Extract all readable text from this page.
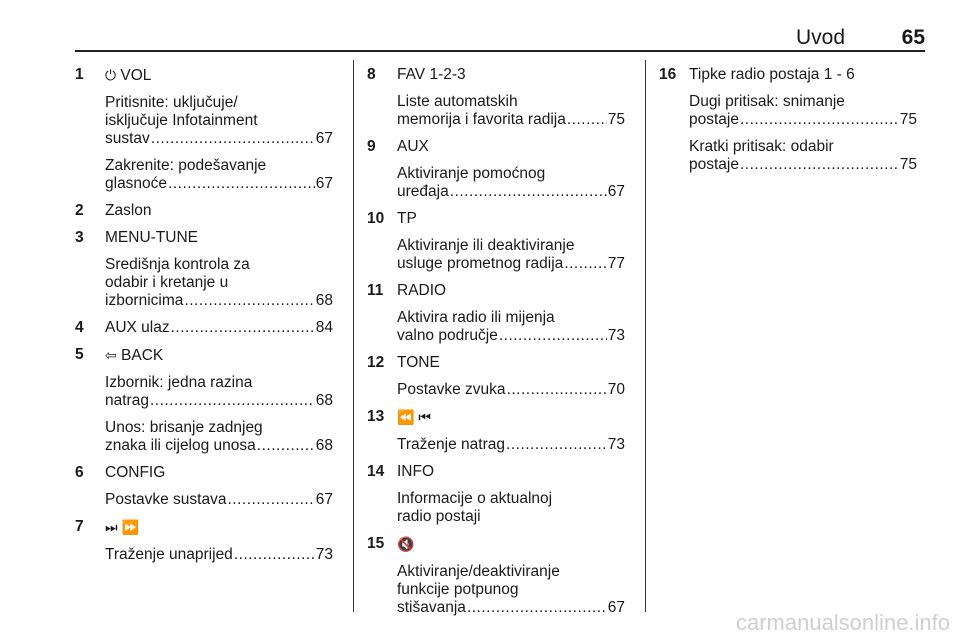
Uvod	65
1	⏻ VOL
Pritisnite: uključuje/
isključuje Infotainment
sustav .....	67
Zakrenite: podešavanje
glasnoće .....	67
2	Zaslon
3	MENU-TUNE
Središnja kontrola za
odabir i kretanje u
izbornicima .....	68
4	AUX ulaz .....	84
5	⇦ BACK
Izbornik: jedna razina
natrag .....	68
Unos: brisanje zadnjeg
znaka ili cijelog unosa .....	68
6	CONFIG
Postavke sustava .....	67
7	⏭ ⏩
Traženje unaprijed .....	73
8	FAV 1-2-3
Liste automatskih
memorija i favorita radija .....	75
9	AUX
Aktiviranje pomoćnog
uređaja .....	67
10 TP
Aktiviranje ili deaktiviranje
usluge prometnog radija .....	77
11 RADIO
Aktivira radio ili mijenja
valno područje .....	73
12 TONE
Postavke zvuka .....	70
13 ⏪ ⏮
Traženje natrag .....	73
14 INFO
Informacije o aktualnoj
radio postaji
15 🔇
Aktiviranje/deaktiviranje
funkcije potpunog
stišavanja .....	67
16 Tipke radio postaja 1 - 6
Dugi pritisak: snimanje
postaje .....	75
Kratki pritisak: odabir
postaje .....	75
carmanualsonline.info
